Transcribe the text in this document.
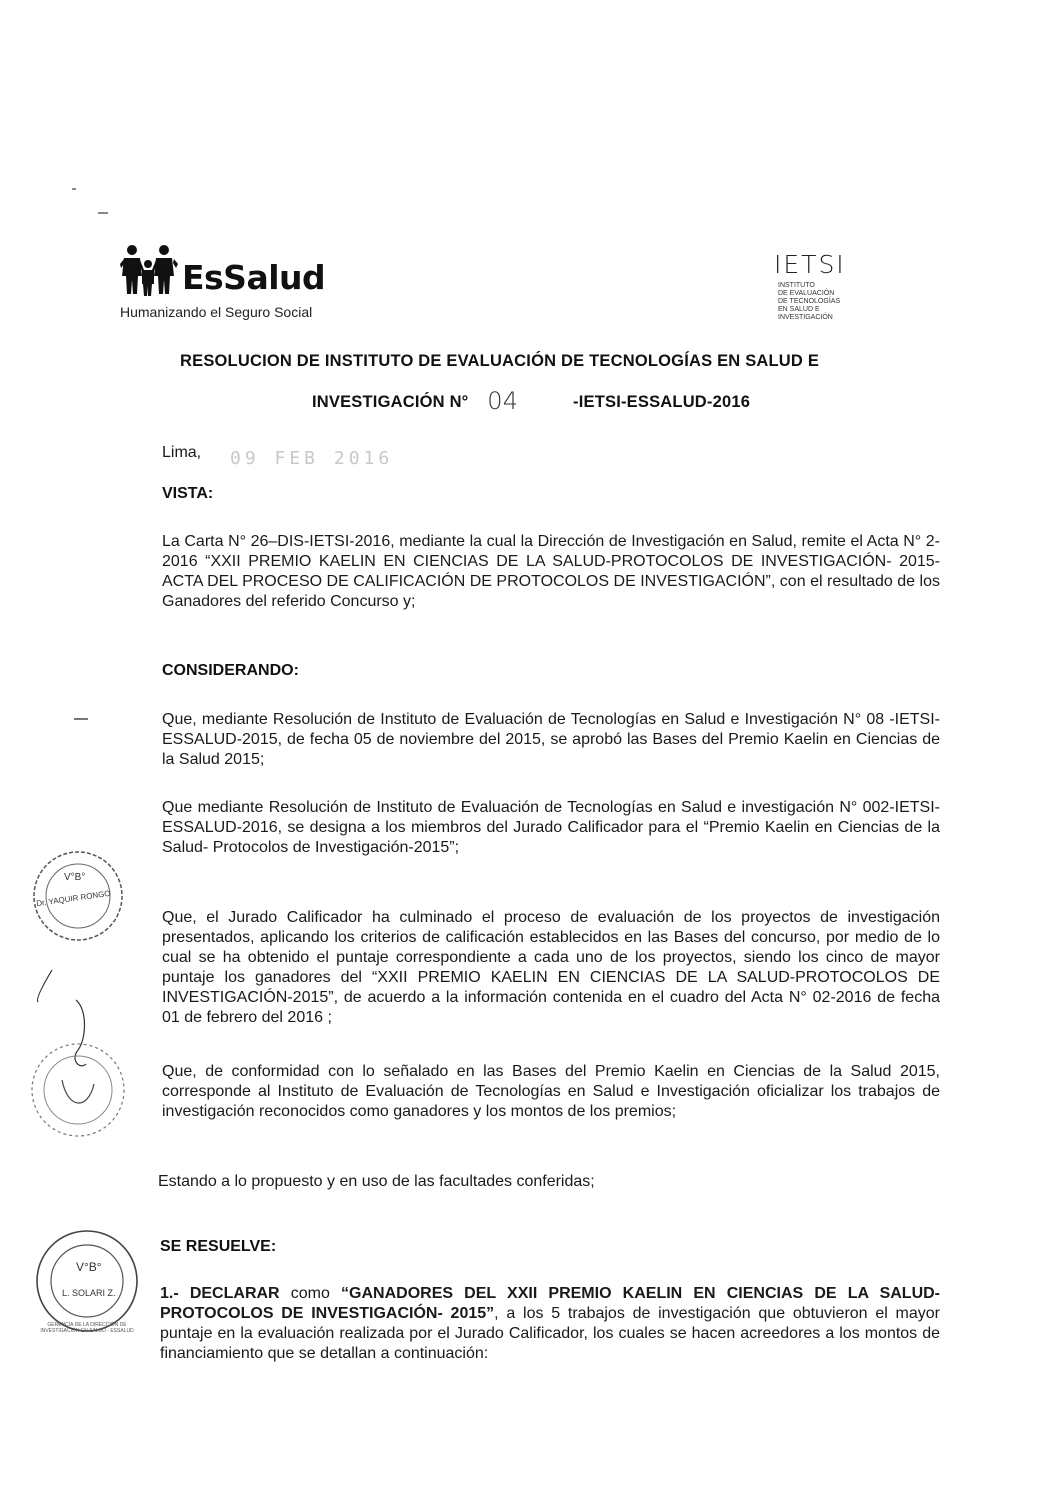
EsSalud
Humanizando el Seguro Social
IETSI
INSTITUTO
DE EVALUACIÓN
DE TECNOLOGÍAS
EN SALUD E
INVESTIGACIÓN
RESOLUCION DE INSTITUTO DE EVALUACIÓN DE TECNOLOGÍAS EN SALUD E
INVESTIGACIÓN N° 04	-IETSI-ESSALUD-2016
Lima, 09 FEB 2016
VISTA:
La Carta N° 26–DIS-IETSI-2016, mediante la cual la Dirección de Investigación en Salud, remite el Acta N° 2-2016 “XXII PREMIO KAELIN EN CIENCIAS DE LA SALUD-PROTOCOLOS DE INVESTIGACIÓN- 2015- ACTA DEL PROCESO DE CALIFICACIÓN DE PROTOCOLOS DE INVESTIGACIÓN”, con el resultado de los Ganadores del referido Concurso y;
CONSIDERANDO:
Que, mediante Resolución de Instituto de Evaluación de Tecnologías en Salud e Investigación N° 08 -IETSI-ESSALUD-2015, de fecha 05 de noviembre del 2015, se aprobó las Bases del Premio Kaelin en Ciencias de la Salud 2015;
Que mediante Resolución de Instituto de Evaluación de Tecnologías en Salud e investigación N° 002-IETSI-ESSALUD-2016, se designa a los miembros del Jurado Calificador para el “Premio Kaelin en Ciencias de la Salud- Protocolos de Investigación-2015”;
Que, el Jurado Calificador ha culminado el proceso de evaluación de los proyectos de investigación presentados, aplicando los criterios de calificación establecidos en las Bases del concurso, por medio de lo cual se ha obtenido el puntaje correspondiente a cada uno de los proyectos, siendo los cinco de mayor puntaje los ganadores del “XXII PREMIO KAELIN EN CIENCIAS DE LA SALUD-PROTOCOLOS DE INVESTIGACIÓN-2015”, de acuerdo a la información contenida en el cuadro del Acta N° 02-2016 de fecha 01 de febrero del 2016 ;
Que, de conformidad con lo señalado en las Bases del Premio Kaelin en Ciencias de la Salud 2015, corresponde al Instituto de Evaluación de Tecnologías en Salud e Investigación oficializar los trabajos de investigación reconocidos como ganadores y los montos de los premios;
Estando a lo propuesto y en uso de las facultades conferidas;
SE RESUELVE:
1.- DECLARAR como “GANADORES DEL XXII PREMIO KAELIN EN CIENCIAS DE LA SALUD-PROTOCOLOS DE INVESTIGACIÓN- 2015”, a los 5 trabajos de investigación que obtuvieron el mayor puntaje en la evaluación realizada por el Jurado Calificador, los cuales se hacen acreedores a los montos de financiamiento que se detallan a continuación:
V°B°
Dr. YAQUIR RONGO
V°B°
L. SOLARI Z.
GERENCIA DE LA DIRECCIÓN DE INVESTIGACIÓN EN SALUD - ESSALUD
